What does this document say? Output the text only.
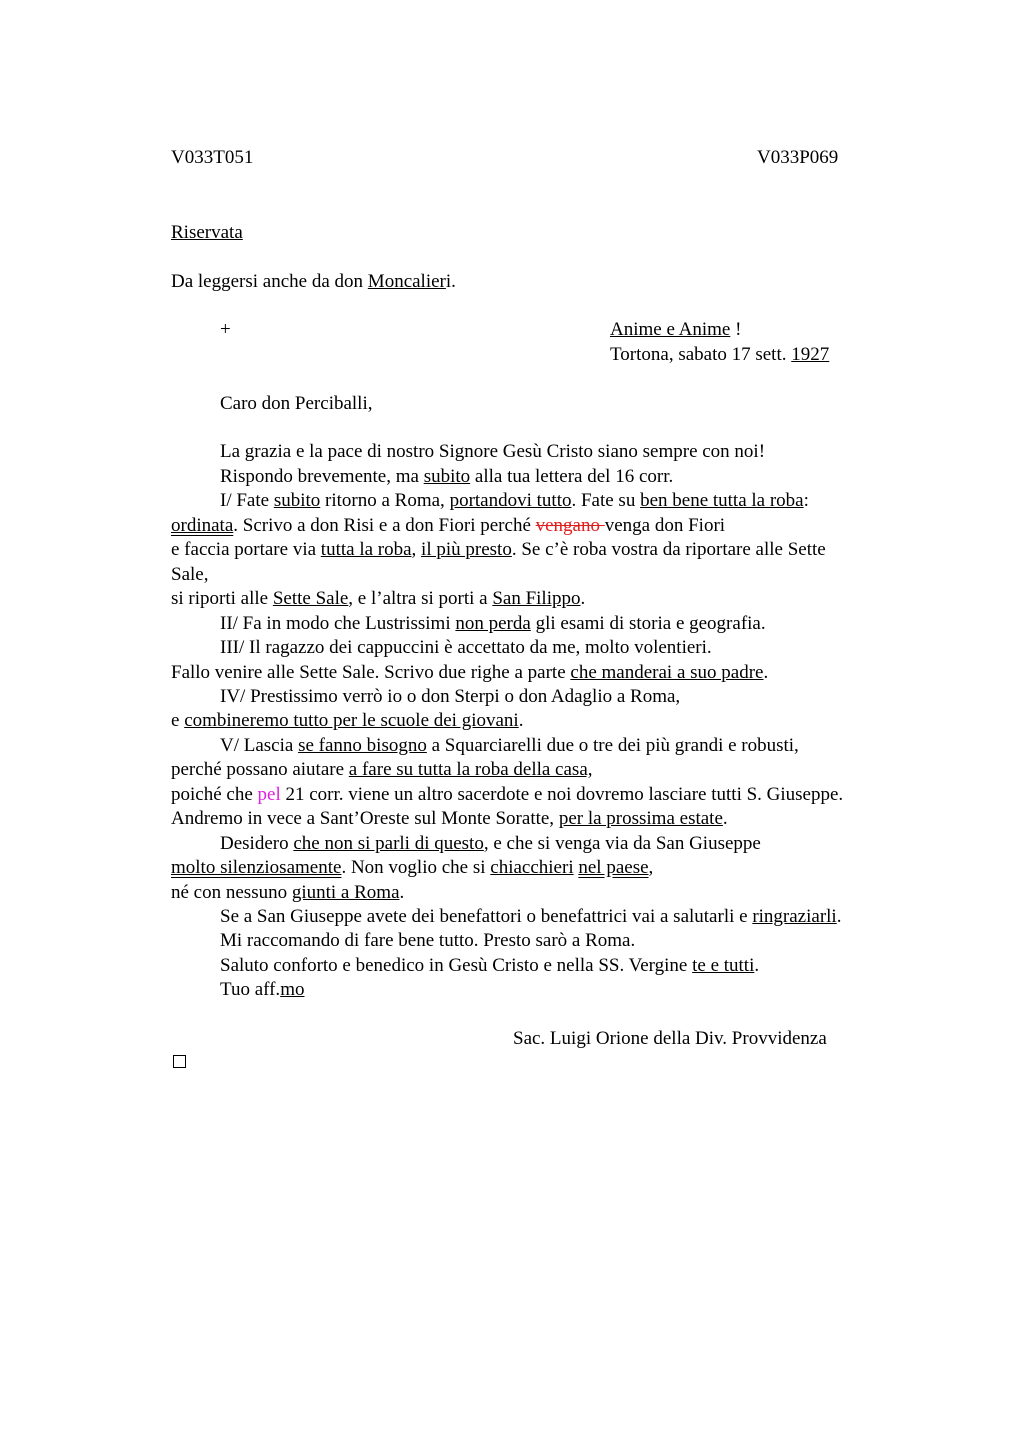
V033T051	V033P069
Riservata
Da leggersi anche da don Moncalieri.
+	Anime e Anime !
Tortona, sabato 17 sett. 1927
Caro don Perciballi,
La grazia e la pace di nostro Signore Gesù Cristo siano sempre con noi!
Rispondo brevemente, ma subito alla tua lettera del 16 corr.
I/ Fate subito ritorno a Roma, portandovi tutto. Fate su ben bene tutta la roba:
ordinata. Scrivo a don Risi e a don Fiori perché vengano venga don Fiori
e faccia portare via tutta la roba, il più presto. Se c’è roba vostra da riportare alle Sette
Sale,
si riporti alle Sette Sale, e l’altra si porti a San Filippo.
II/ Fa in modo che Lustrissimi non perda gli esami di storia e geografia.
III/ Il ragazzo dei cappuccini è accettato da me, molto volentieri.
Fallo venire alle Sette Sale. Scrivo due righe a parte che manderai a suo padre.
IV/ Prestissimo verrò io o don Sterpi o don Adaglio a Roma,
e combineremo tutto per le scuole dei giovani.
V/ Lascia se fanno bisogno a Squarciarelli due o tre dei più grandi e robusti,
perché possano aiutare a fare su tutta la roba della casa,
poiché che pel 21 corr. viene un altro sacerdote e noi dovremo lasciare tutti S. Giuseppe.
Andremo in vece a Sant’Oreste sul Monte Soratte, per la prossima estate.
Desidero che non si parli di questo, e che si venga via da San Giuseppe
molto silenziosamente. Non voglio che si chiacchieri nel paese,
né con nessuno giunti a Roma.
Se a San Giuseppe avete dei benefattori o benefattrici vai a salutarli e ringraziarli.
Mi raccomando di fare bene tutto. Presto sarò a Roma.
Saluto conforto e benedico in Gesù Cristo e nella SS. Vergine te e tutti.
Tuo aff.mo
Sac. Luigi Orione della Div. Provvidenza
